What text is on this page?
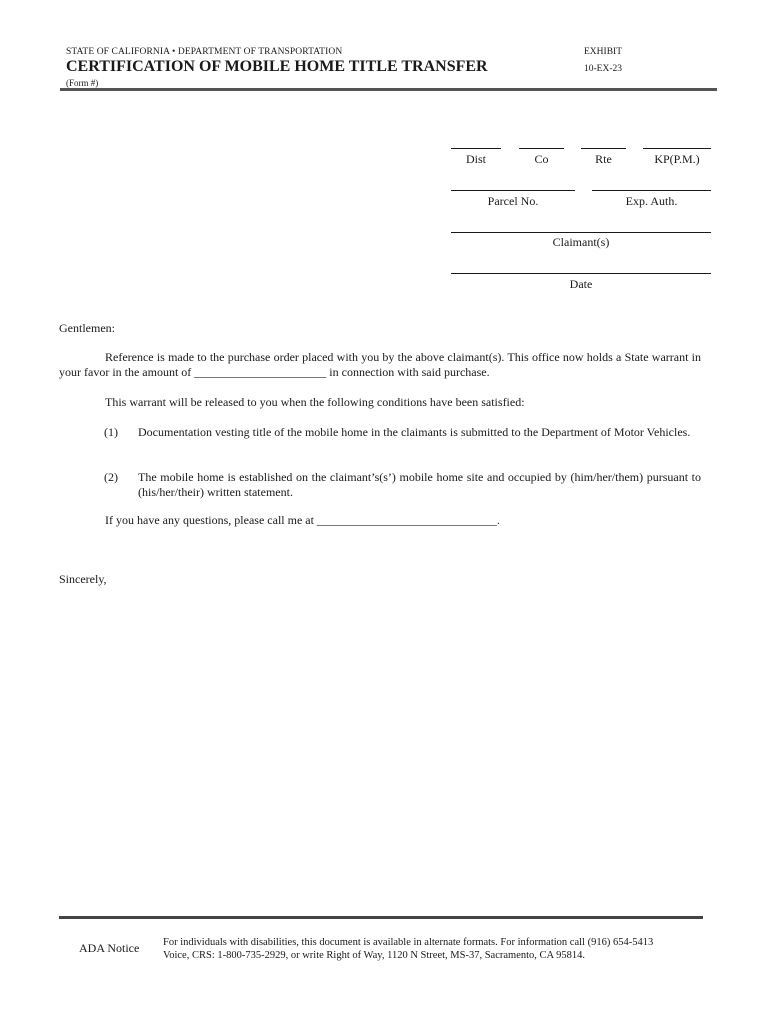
STATE OF CALIFORNIA • DEPARTMENT OF TRANSPORTATION
CERTIFICATION OF MOBILE HOME TITLE TRANSFER
(Form #)
EXHIBIT
10-EX-23
Dist	Co	Rte	KP(P.M.)
Parcel No.	Exp. Auth.
Claimant(s)
Date
Gentlemen:
Reference is made to the purchase order placed with you by the above claimant(s). This office now holds a State warrant in your favor in the amount of ______________________ in connection with said purchase.
This warrant will be released to you when the following conditions have been satisfied:
(1)	Documentation vesting title of the mobile home in the claimants is submitted to the Department of Motor Vehicles.
(2)	The mobile home is established on the claimant’s(s’) mobile home site and occupied by (him/her/them) pursuant to (his/her/their) written statement.
If you have any questions, please call me at ______________________________.
Sincerely,
ADA Notice For individuals with disabilities, this document is available in alternate formats. For information call (916) 654-5413
Voice, CRS: 1-800-735-2929, or write Right of Way, 1120 N Street, MS-37, Sacramento, CA 95814.
